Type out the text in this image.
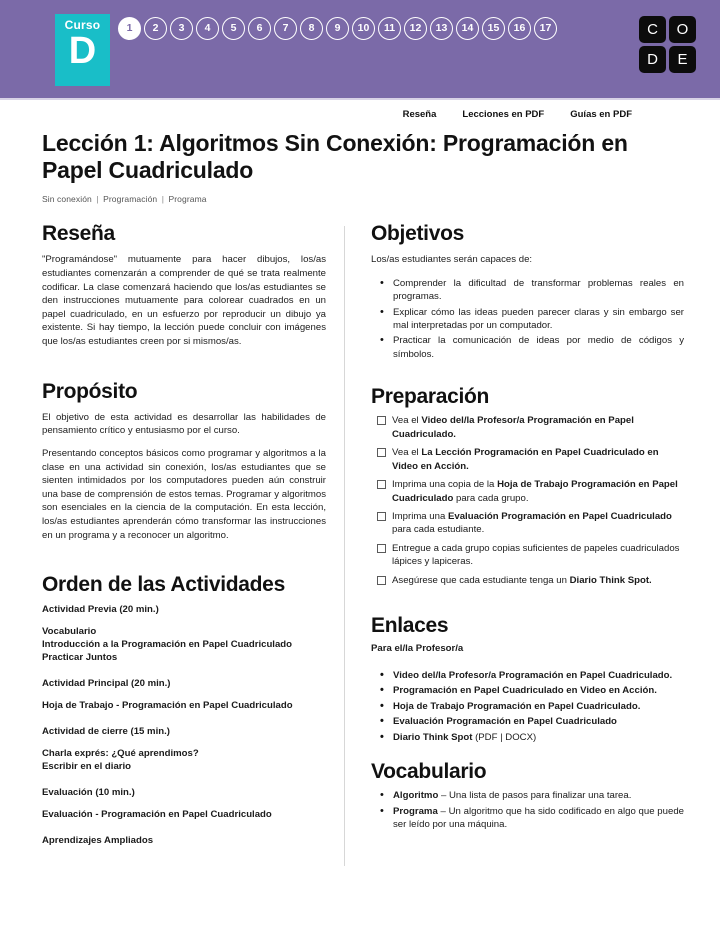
Curso
D
1	2	3	4	5	6	7	8	9	10	11	12	13	14	15	16	17	C	O
D	E
Reseña	Lecciones en PDF	Guías en PDF
Lección 1: Algoritmos Sin Conexión: Programación en Papel Cuadriculado

Sin conexión | Programación | Programa

Reseña

"Programándose" mutuamente para hacer dibujos, los/as estudiantes comenzarán a comprender de qué se trata realmente codificar. La clase comenzará haciendo que los/as estudiantes se den instrucciones mutuamente para colorear cuadrados en un papel cuadriculado, en un esfuerzo por reproducir un dibujo ya existente. Si hay tiempo, la lección puede concluir con imágenes que los/as estudiantes creen por si mismos/as.

Propósito

El objetivo de esta actividad es desarrollar las habilidades de pensamiento crítico y entusiasmo por el curso.

Presentando conceptos básicos como programar y algoritmos a la clase en una actividad sin conexión, los/as estudiantes que se sienten intimidados por los computadores pueden aún construir una base de comprensión de estos temas. Programar y algoritmos son esenciales en la ciencia de la computación. En esta lección, los/as estudiantes aprenderán cómo transformar las instrucciones en un programa y a reconocer un algoritmo.

Orden de las Actividades

Actividad Previa (20 min.)

Vocabulario

Introducción a la Programación en Papel Cuadriculado

Practicar Juntos

Actividad Principal (20 min.)

Hoja de Trabajo - Programación en Papel Cuadriculado

Actividad de cierre (15 min.)

Charla exprés: ¿Qué aprendimos?

Escribir en el diario

Evaluación (10 min.)

Evaluación - Programación en Papel Cuadriculado

Aprendizajes Ampliados

Objetivos

Los/as estudiantes serán capaces de:

• Comprender la dificultad de transformar problemas reales en programas.
• Explicar cómo las ideas pueden parecer claras y sin embargo ser mal interpretadas por un computador.
• Practicar la comunicación de ideas por medio de códigos y símbolos.
Preparación
Vea el Video del/la Profesor/a Programación en Papel Cuadriculado.
Vea el La Lección Programación en Papel Cuadriculado en Video en Acción.
Imprima una copia de la Hoja de Trabajo Programación en Papel Cuadriculado para cada grupo.
Imprima una Evaluación Programación en Papel Cuadriculado para cada estudiante.
Entregue a cada grupo copias suficientes de papeles cuadriculados lápices y lapiceras.
Asegúrese que cada estudiante tenga un Diario Think Spot.
Enlaces

Para el/la Profesor/a

• Video del/la Profesor/a Programación en Papel Cuadriculado.
• Programación en Papel Cuadriculado en Video en Acción.
• Hoja de Trabajo Programación en Papel Cuadriculado.
• Evaluación Programación en Papel Cuadriculado
• Diario Think Spot (PDF | DOCX)
Vocabulario
• Algoritmo – Una lista de pasos para finalizar una tarea.
• Programa – Un algoritmo que ha sido codificado en algo que puede ser leído por una máquina.
